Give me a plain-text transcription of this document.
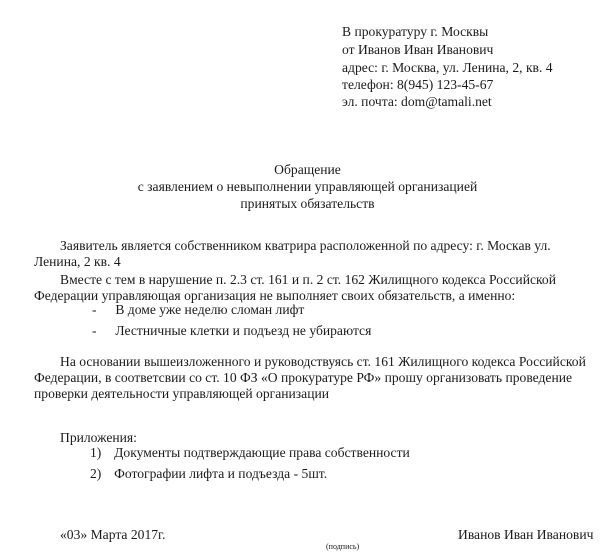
В прокуратуру г. Москвы
от Иванов Иван Иванович
адрес: г. Москва, ул. Ленина, 2, кв. 4
телефон: 8(945) 123-45-67
эл. почта: dom@tamali.net
Обращение
с заявлением о невыполнении управляющей организацией
принятых обязательств
Заявитель является собственником кватрира расположенной по адресу: г. Москав ул.
Ленина, 2 кв. 4
Вместе с тем в нарушение п. 2.3 ст. 161 и п. 2 ст. 162 Жилищного кодекса Российской
Федерации управляющая организация не выполняет своих обязательств, а именно:
- В доме уже неделю сломан лифт
- Лестничные клетки и подъезд не убираются
На основании вышеизложенного и руководствуясь ст. 161 Жилищного кодекса Российской
Федерации, в соответсвии со ст. 10 ФЗ «О прокуратуре РФ» прошу организовать проведение
проверки деятельности управляющей организации
Приложения:
1) Документы подтверждающие права собственности
2) Фотографии лифта и подъезда - 5шт.
«03» Марта 2017г.
(подпись)
Иванов Иван Иванович
